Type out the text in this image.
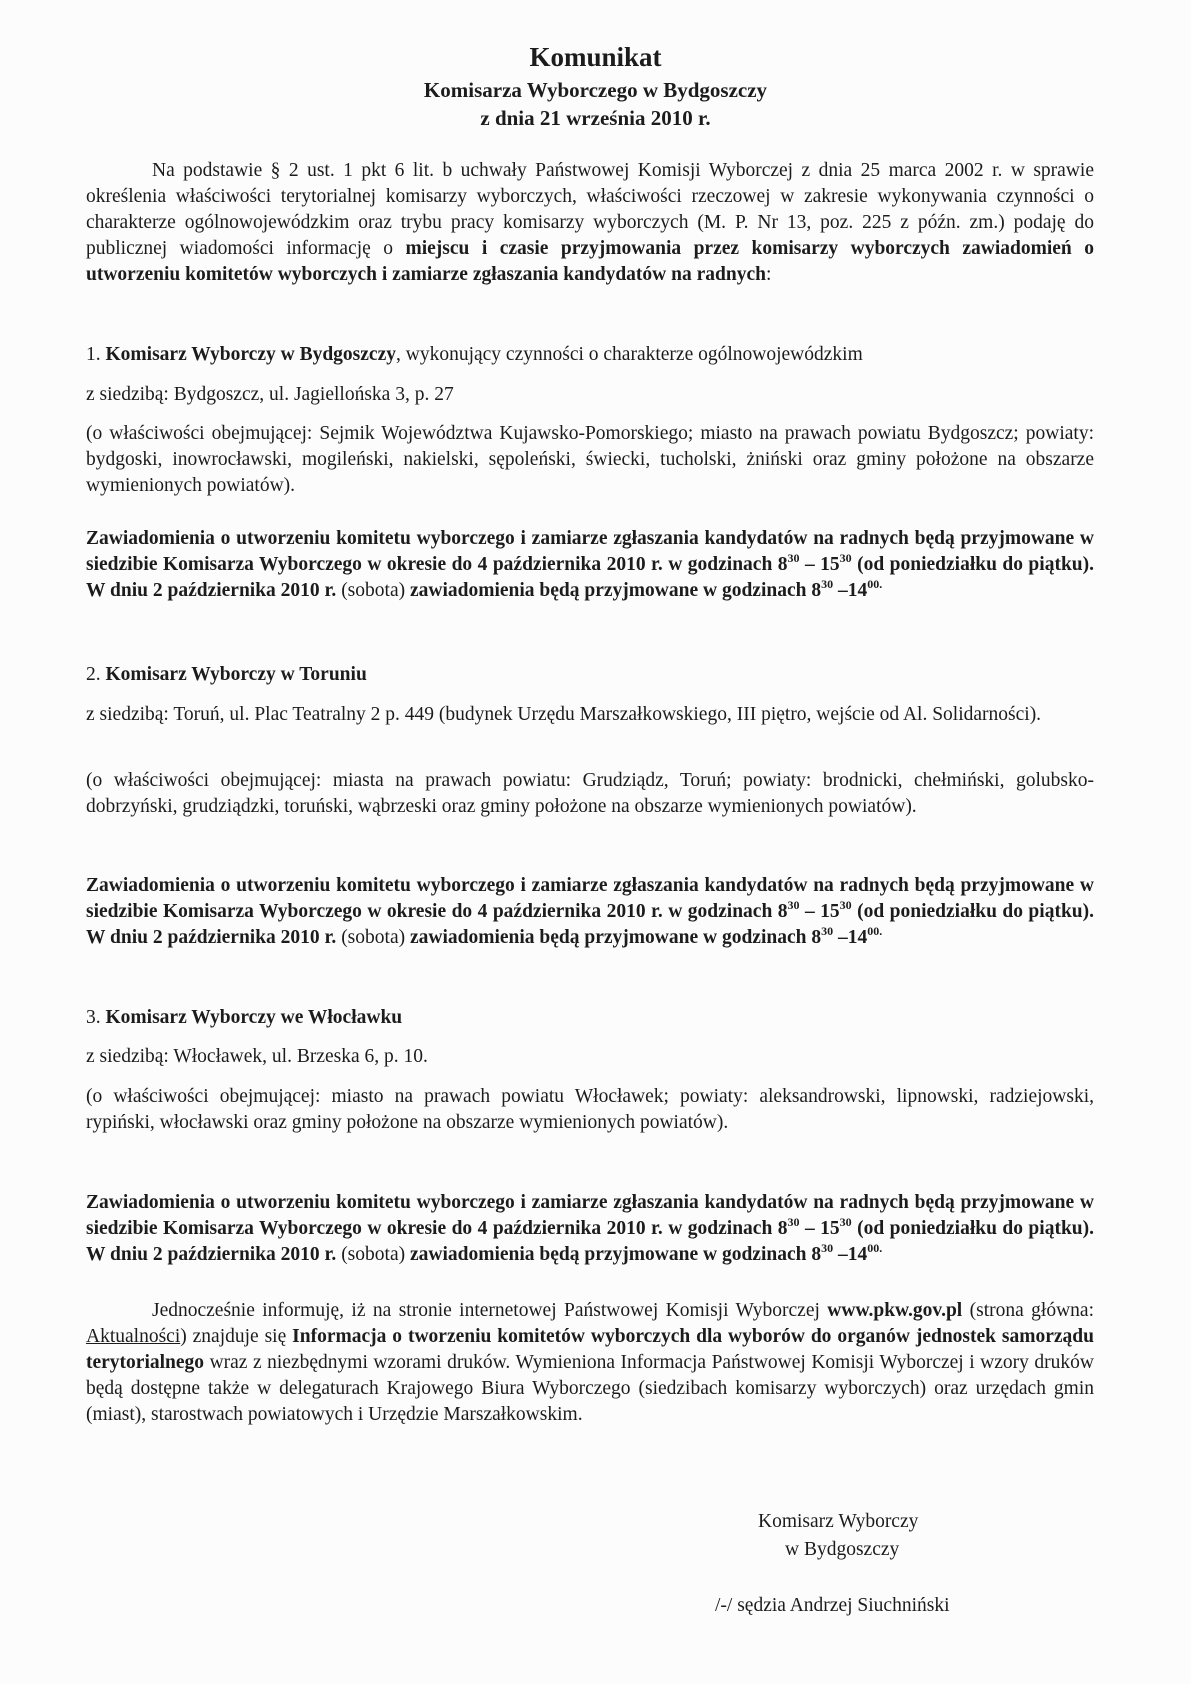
Komunikat
Komisarza Wyborczego w Bydgoszczy
z dnia 21 września 2010 r.

Na podstawie § 2 ust. 1 pkt 6 lit. b uchwały Państwowej Komisji Wyborczej z dnia 25 marca 2002 r. w sprawie określenia właściwości terytorialnej komisarzy wyborczych, właściwości rzeczowej w zakresie wykonywania czynności o charakterze ogólnowojewódzkim oraz trybu pracy komisarzy wyborczych (M. P. Nr 13, poz. 225 z późn. zm.) podaję do publicznej wiadomości informację o miejscu i czasie przyjmowania przez komisarzy wyborczych zawiadomień o utworzeniu komitetów wyborczych i zamiarze zgłaszania kandydatów na radnych:

1. Komisarz Wyborczy w Bydgoszczy, wykonujący czynności o charakterze ogólnowojewódzkim
z siedzibą: Bydgoszcz, ul. Jagiellońska 3, p. 27

(o właściwości obejmującej: Sejmik Województwa Kujawsko-Pomorskiego; miasto na prawach powiatu Bydgoszcz; powiaty: bydgoski, inowrocławski, mogileński, nakielski, sępoleński, świecki, tucholski, żniński oraz gminy położone na obszarze wymienionych powiatów).

Zawiadomienia o utworzeniu komitetu wyborczego i zamiarze zgłaszania kandydatów na radnych będą przyjmowane w siedzibie Komisarza Wyborczego w okresie do 4 października 2010 r. w godzinach $8^{30} - 15^{30}$ (od poniedziałku do piątku). W dniu 2 października 2010 r. (sobota) zawiadomienia będą przyjmowane w godzinach $8^{30}$ $-14^{00.}$

2. Komisarz Wyborczy w Toruniu

z siedzibą: Toruń, ul. Plac Teatralny 2 p. 449 (budynek Urzędu Marszałkowskiego, III piętro, wejście od Al. Solidarności).

(o właściwości obejmującej: miasta na prawach powiatu: Grudziądz, Toruń; powiaty: brodnicki, chełmiński, golubsko-dobrzyński, grudziądzki, toruński, wąbrzeski oraz gminy położone na obszarze wymienionych powiatów).

Zawiadomienia o utworzeniu komitetu wyborczego i zamiarze zgłaszania kandydatów na radnych będą przyjmowane w siedzibie Komisarza Wyborczego w okresie do 4 października 2010 r. w godzinach $8^{30} - 15^{30}$ (od poniedziałku do piątku). W dniu 2 października 2010 r. (sobota) zawiadomienia będą przyjmowane w godzinach $8^{30}$ $-14^{00.}$

3. Komisarz Wyborczy we Włocławku
z siedzibą: Włocławek, ul. Brzeska 6, p. 10.

(o właściwości obejmującej: miasto na prawach powiatu Włocławek; powiaty: aleksandrowski, lipnowski, radziejowski, rypiński, włocławski oraz gminy położone na obszarze wymienionych powiatów).

Zawiadomienia o utworzeniu komitetu wyborczego i zamiarze zgłaszania kandydatów na radnych będą przyjmowane w siedzibie Komisarza Wyborczego w okresie do 4 października 2010 r. w godzinach $8^{30} - 15^{30}$ (od poniedziałku do piątku). W dniu 2 października 2010 r. (sobota) zawiadomienia będą przyjmowane w godzinach $8^{30}$ $-14^{00.}$

Jednocześnie informuję, iż na stronie internetowej Państwowej Komisji Wyborczej www.pkw.gov.pl (strona główna: Aktualności) znajduje się Informacja o tworzeniu komitetów wyborczych dla wyborów do organów jednostek samorządu terytorialnego wraz z niezbędnymi wzorami druków. Wymieniona Informacja Państwowej Komisji Wyborczej i wzory druków będą dostępne także w delegaturach Krajowego Biura Wyborczego (siedzibach komisarzy wyborczych) oraz urzędach gmin (miast), starostwach powiatowych i Urzędzie Marszałkowskim.

Komisarz Wyborczy
w Bydgoszczy
/-/ sędzia Andrzej Siuchniński
